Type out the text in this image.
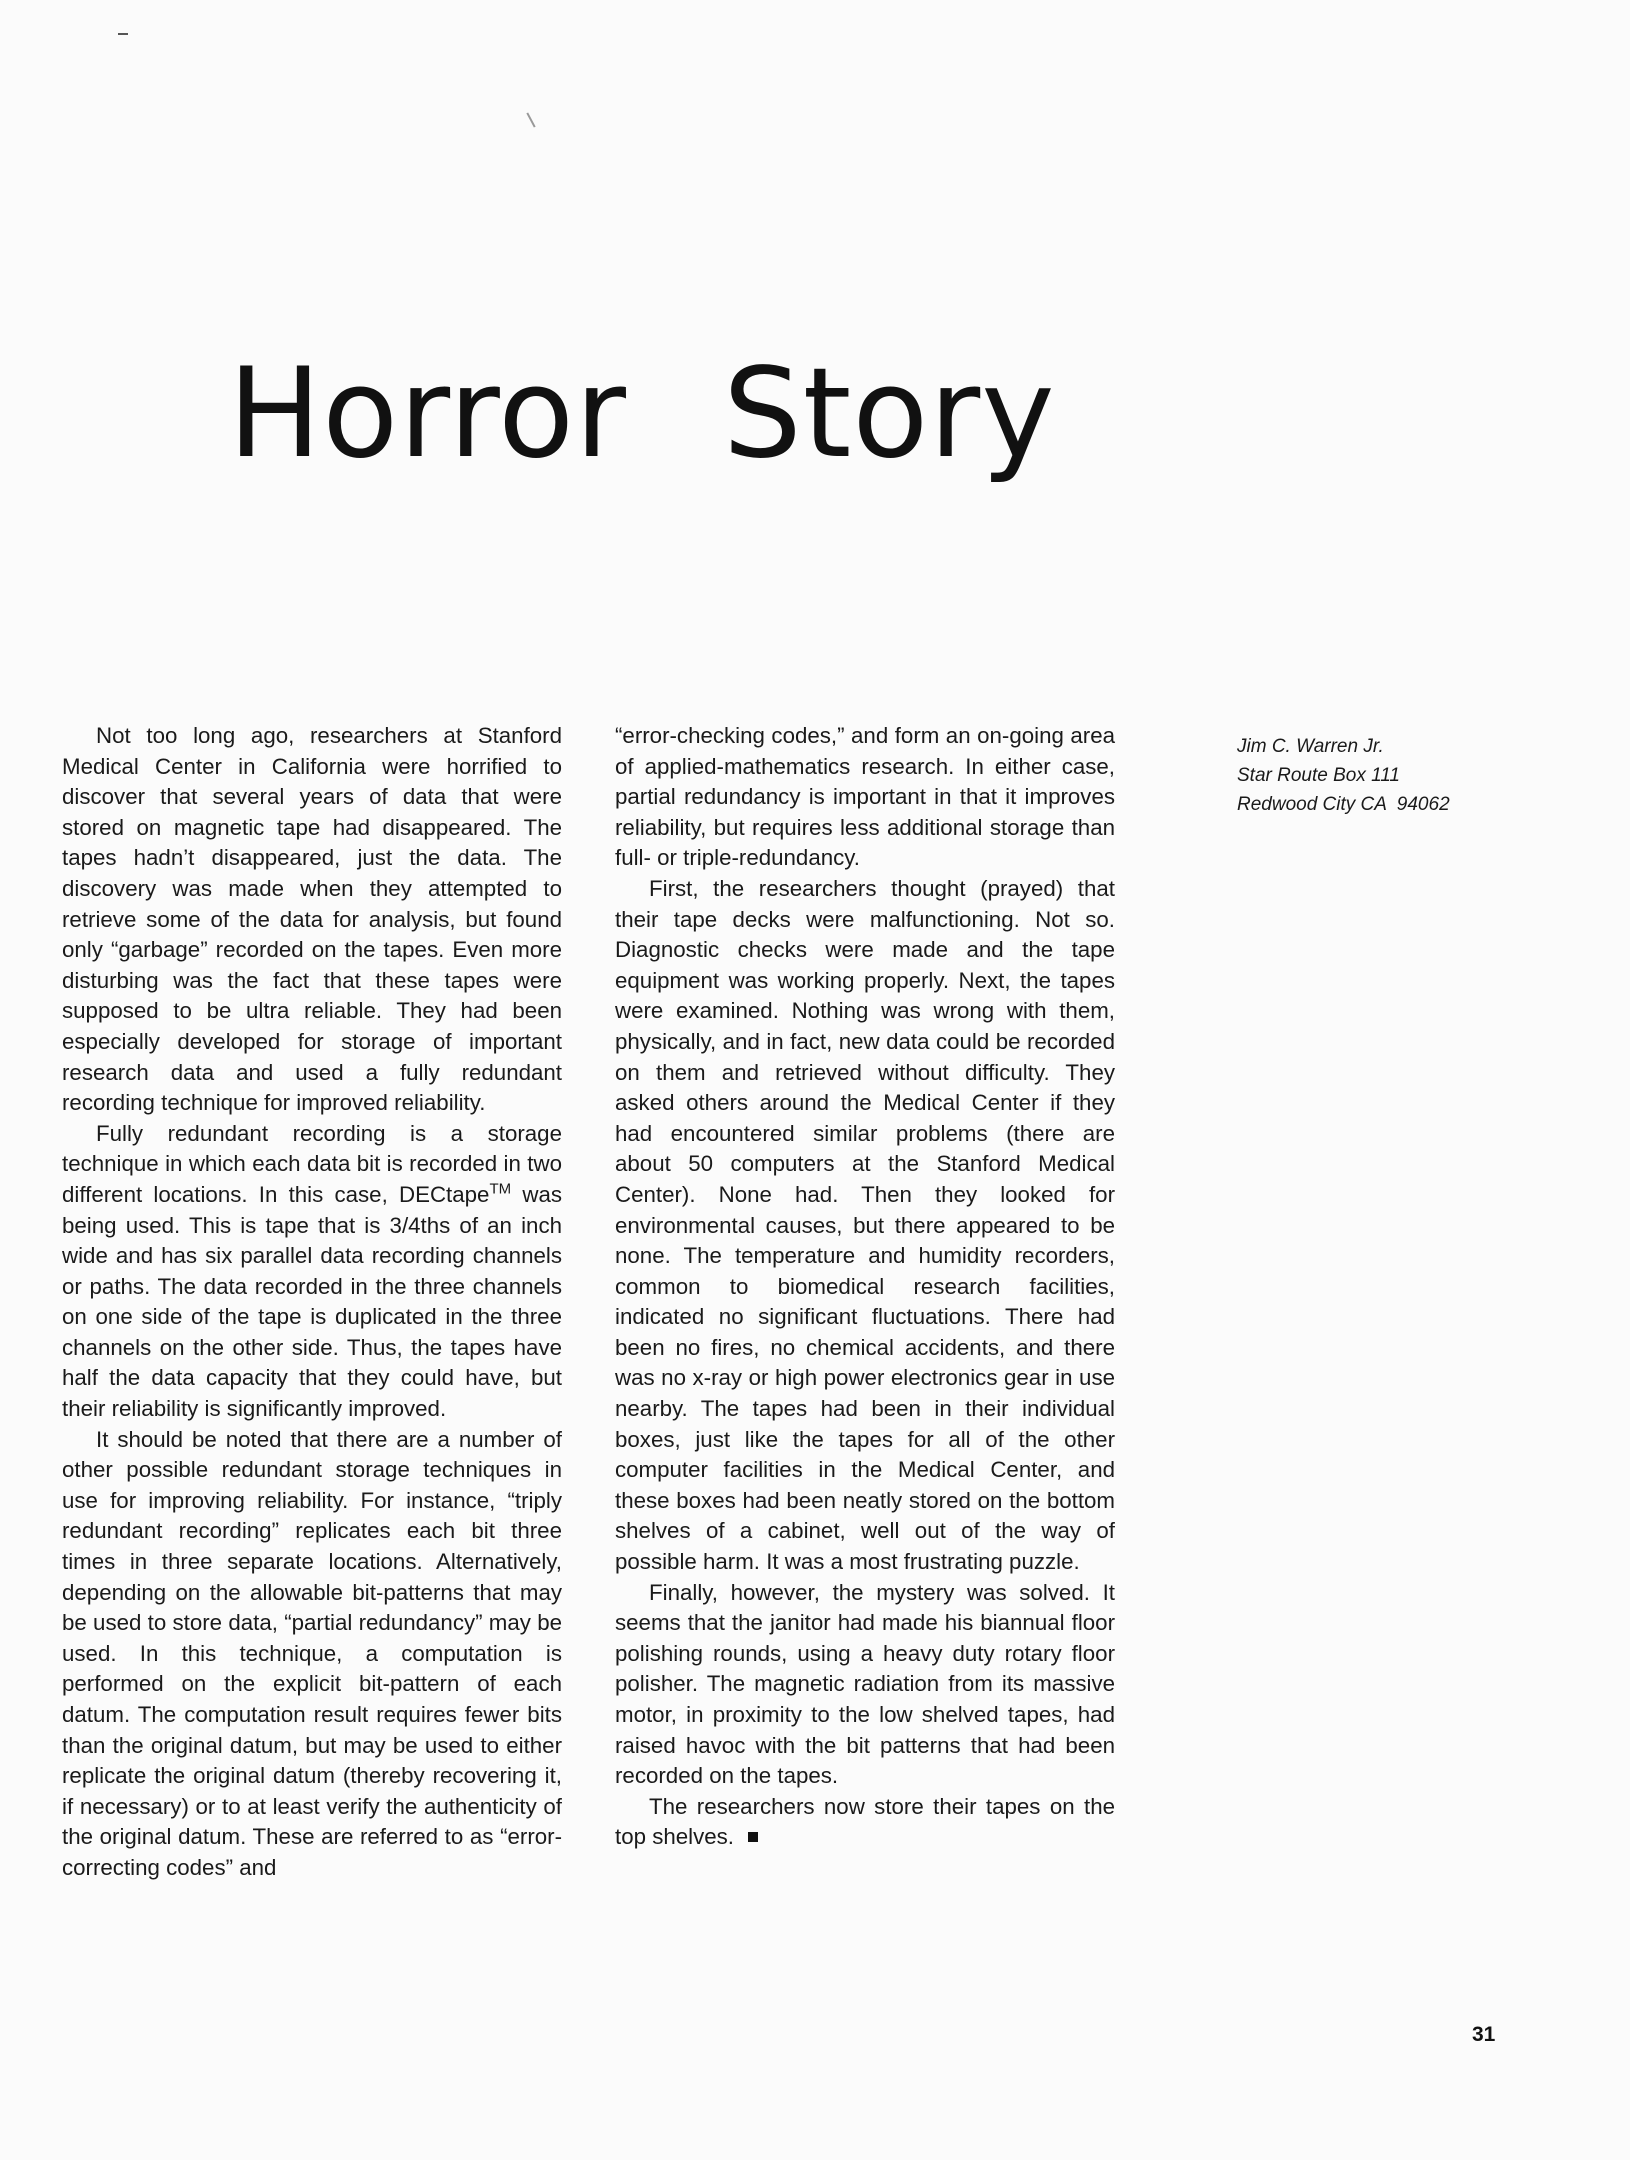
Horror Story

Not too long ago, researchers at Stanford Medical Center in California were horrified to discover that several years of data that were stored on magnetic tape had disappeared. The tapes hadn’t disappeared, just the data. The discovery was made when they attempted to retrieve some of the data for analysis, but found only “garbage” recorded on the tapes. Even more disturbing was the fact that these tapes were supposed to be ultra reliable. They had been especially developed for storage of important research data and used a fully redundant recording technique for improved reliability.

Fully redundant recording is a storage technique in which each data bit is recorded in two different locations. In this case, DECtape™ was being used. This is tape that is 3/4ths of an inch wide and has six parallel data recording channels or paths. The data recorded in the three channels on one side of the tape is duplicated in the three channels on the other side. Thus, the tapes have half the data capacity that they could have, but their reliability is significantly improved.

It should be noted that there are a number of other possible redundant storage techniques in use for improving reliability. For instance, “triply redundant recording” replicates each bit three times in three separate locations. Alternatively, depending on the allowable bit-patterns that may be used to store data, “partial redundancy” may be used. In this technique, a computation is performed on the explicit bit-pattern of each datum. The computation result requires fewer bits than the original datum, but may be used to either replicate the original datum (thereby recovering it, if necessary) or to at least verify the authenticity of the original datum. These are referred to as “error-correcting codes” and

“error-checking codes,” and form an on-going area of applied-mathematics research. In either case, partial redundancy is important in that it improves reliability, but requires less additional storage than full- or triple-redundancy.

First, the researchers thought (prayed) that their tape decks were malfunctioning. Not so. Diagnostic checks were made and the tape equipment was working properly. Next, the tapes were examined. Nothing was wrong with them, physically, and in fact, new data could be recorded on them and retrieved without difficulty. They asked others around the Medical Center if they had encountered similar problems (there are about 50 computers at the Stanford Medical Center). None had. Then they looked for environmental causes, but there appeared to be none. The temperature and humidity recorders, common to biomedical research facilities, indicated no significant fluctuations. There had been no fires, no chemical accidents, and there was no x-ray or high power electronics gear in use nearby. The tapes had been in their individual boxes, just like the tapes for all of the other computer facilities in the Medical Center, and these boxes had been neatly stored on the bottom shelves of a cabinet, well out of the way of possible harm. It was a most frustrating puzzle.

Finally, however, the mystery was solved. It seems that the janitor had made his biannual floor polishing rounds, using a heavy duty rotary floor polisher. The magnetic radiation from its massive motor, in proximity to the low shelved tapes, had raised havoc with the bit patterns that had been recorded on the tapes.

The researchers now store their tapes on the top shelves.

Jim C. Warren Jr.
Star Route Box 111
Redwood City CA  94062
31
